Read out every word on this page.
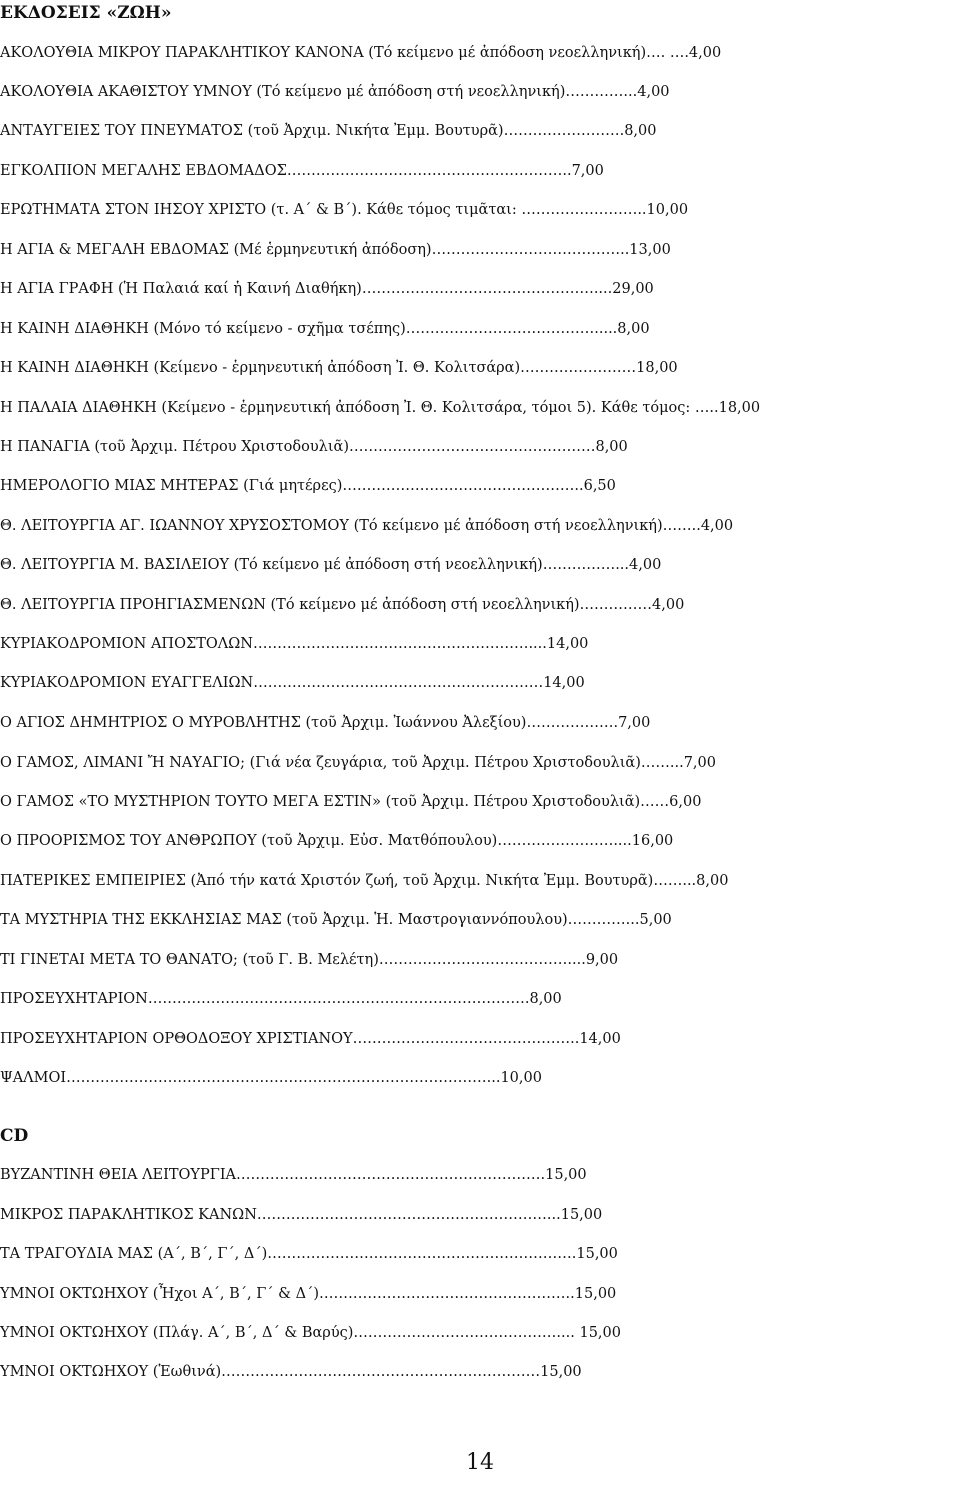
ΕΚΔΟΣΕΙΣ «ΖΩΗ»
ΑΚΟΛΟΥΘΙΑ ΜΙΚΡΟΥ ΠΑΡΑΚΛΗΤΙΚΟΥ ΚΑΝΟΝΑ (Τό κείμενο μέ ἀπόδοση νεοελληνική)…. ….4,00
ΑΚΟΛΟΥΘΙΑ ΑΚΑΘΙΣΤΟΥ ΥΜΝΟΥ (Τό κείμενο μέ ἀπόδοση στή νεοελληνική)…………...4,00
ΑΝΤΑΥΓΕΙΕΣ ΤΟΥ ΠΝΕΥΜΑΤΟΣ (τοῦ Ἀρχιμ. Νικήτα Ἐμμ. Βουτυρᾶ)…………………….8,00
ΕΓΚΟΛΠΙΟΝ ΜΕΓΑΛΗΣ ΕΒΔΟΜΑΔΟΣ…………………………………………………..7,00
ΕΡΩΤΗΜΑΤΑ ΣΤΟΝ ΙΗΣΟΥ ΧΡΙΣΤΟ (τ. Α΄ & Β΄). Κάθε τόμος τιμᾶται: ……………………..10,00
Η ΑΓΙΑ & ΜΕΓΑΛΗ ΕΒΔΟΜΑΣ (Μέ ἑρμηνευτική ἀπόδοση)…………………………………..13,00
Η ΑΓΙΑ ΓΡΑΦΗ (Ἡ Παλαιά καί ἡ Καινή Διαθήκη)…………………………………………....29,00
Η ΚΑΙΝΗ ΔΙΑΘΗΚΗ (Μόνο τό κείμενο - σχῆμα τσέπης)………………………………….....8,00
Η ΚΑΙΝΗ ΔΙΑΘΗΚΗ (Κείμενο - ἑρμηνευτική ἀπόδοση Ἰ. Θ. Κολιτσάρα)……………………18,00
Η ΠΑΛΑΙΑ ΔΙΑΘΗΚΗ (Κείμενο - ἑρμηνευτική ἀπόδοση Ἰ. Θ. Κολιτσάρα, τόμοι 5). Κάθε τόμος: …..18,00
Η ΠΑΝΑΓΙΑ (τοῦ Ἀρχιμ. Πέτρου Χριστοδουλιᾶ)……………………………………………8,00
ΗΜΕΡΟΛΟΓΙΟ ΜΙΑΣ ΜΗΤΕΡΑΣ (Γιά μητέρες)…………………………………………..6,50
Θ. ΛΕΙΤΟΥΡΓΙΑ ΑΓ. ΙΩΑΝΝΟΥ ΧΡΥΣΟΣΤΟΜΟΥ (Τό κείμενο μέ ἀπόδοση στή νεοελληνική)……..4,00
Θ. ΛΕΙΤΟΥΡΓΙΑ Μ. ΒΑΣΙΛΕΙΟΥ (Τό κείμενο μέ ἀπόδοση στή νεοελληνική)……………...4,00
Θ. ΛΕΙΤΟΥΡΓΙΑ ΠΡΟΗΓΙΑΣΜΕΝΩΝ (Τό κείμενο μέ ἀπόδοση στή νεοελληνική)……………4,00
ΚΥΡΙΑΚΟΔΡΟΜΙΟΝ ΑΠΟΣΤΟΛΩΝ…………………………………………………....14,00
ΚΥΡΙΑΚΟΔΡΟΜΙΟΝ ΕΥΑΓΓΕΛΙΩΝ……………………………………………………14,00
Ο ΑΓΙΟΣ ΔΗΜΗΤΡΙΟΣ Ο ΜΥΡΟΒΛΗΤΗΣ (τοῦ Ἀρχιμ. Ἰωάννου Ἀλεξίου)……………….7,00
Ο ΓΑΜΟΣ, ΛΙΜΑΝΙ Ἤ ΝΑΥΑΓΙΟ; (Γιά νέα ζευγάρια, τοῦ Ἀρχιμ. Πέτρου Χριστοδουλιᾶ)……...7,00
Ο ΓΑΜΟΣ «ΤΟ ΜΥΣΤΗΡΙΟΝ ΤΟΥΤΟ ΜΕΓΑ ΕΣΤΙΝ» (τοῦ Ἀρχιμ. Πέτρου Χριστοδουλιᾶ)……6,00
Ο ΠΡΟΟΡΙΣΜΟΣ ΤΟΥ ΑΝΘΡΩΠΟΥ (τοῦ Ἀρχιμ. Εὐσ. Ματθόπουλου)……………………....16,00
ΠΑΤΕΡΙΚΕΣ ΕΜΠΕΙΡΙΕΣ (Ἀπό τήν κατά Χριστόν ζωή, τοῦ Ἀρχιμ. Νικήτα Ἐμμ. Βουτυρᾶ)……...8,00
ΤΑ ΜΥΣΤΗΡΙΑ ΤΗΣ ΕΚΚΛΗΣΙΑΣ ΜΑΣ (τοῦ Ἀρχιμ. Ἡ. Μαστρογιαννόπουλου)…………...5,00
ΤΙ ΓΙΝΕΤΑΙ ΜΕΤΑ ΤΟ ΘΑΝΑΤΟ; (τοῦ Γ. Β. Μελέτη)…………………………………....9,00
ΠΡΟΣΕΥΧΗΤΑΡΙΟΝ…………………………………………………………………….8,00
ΠΡΟΣΕΥΧΗΤΑΡΙΟΝ ΟΡΘΟΔΟΞΟΥ ΧΡΙΣΤΙΑΝΟΥ………………………………………..14,00
ΨΑΛΜΟΙ……………………………………………………………………………...10,00
CD
ΒΥΖΑΝΤΙΝΗ ΘΕΙΑ ΛΕΙΤΟΥΡΓΙΑ……………………………………………………….15,00
ΜΙΚΡΟΣ ΠΑΡΑΚΛΗΤΙΚΟΣ ΚΑΝΩΝ……………………………………………………...15,00
ΤΑ ΤΡΑΓΟΥΔΙΑ ΜΑΣ (Α΄, Β΄, Γ΄, Δ΄)……………………………………………………….15,00
ΥΜΝΟΙ ΟΚΤΩΗΧΟΥ (Ἦχοι Α΄, Β΄, Γ΄ & Δ΄)……………………………………………..15,00
ΥΜΝΟΙ ΟΚΤΩΗΧΟΥ (Πλάγ. Α΄, Β΄, Δ΄ & Βαρύς)…………………………………….... 15,00
ΥΜΝΟΙ ΟΚΤΩΗΧΟΥ (Ἑωθινά)…………………………………………………………15,00
14
